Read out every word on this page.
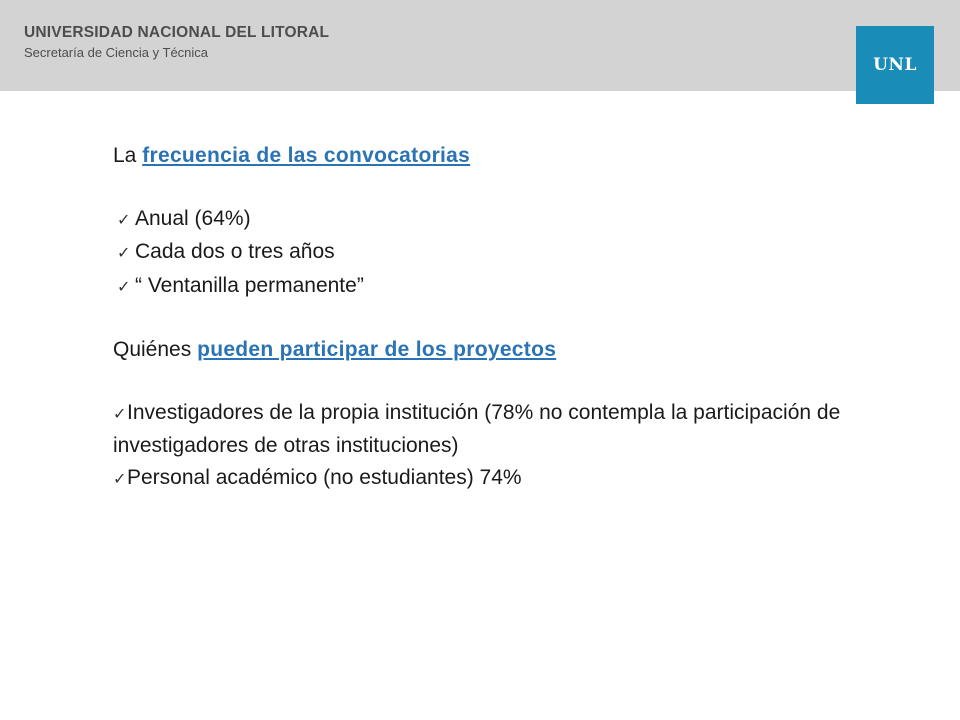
UNIVERSIDAD NACIONAL DEL LITORAL
Secretaría de Ciencia y Técnica
UNL
La frecuencia de las convocatorias
✓ Anual (64%)
✓ Cada dos o tres años
✓ “ Ventanilla permanente”
Quiénes pueden participar de los proyectos
✓Investigadores de la propia institución (78% no contempla la participación de investigadores de otras instituciones)
✓Personal académico (no estudiantes) 74%
